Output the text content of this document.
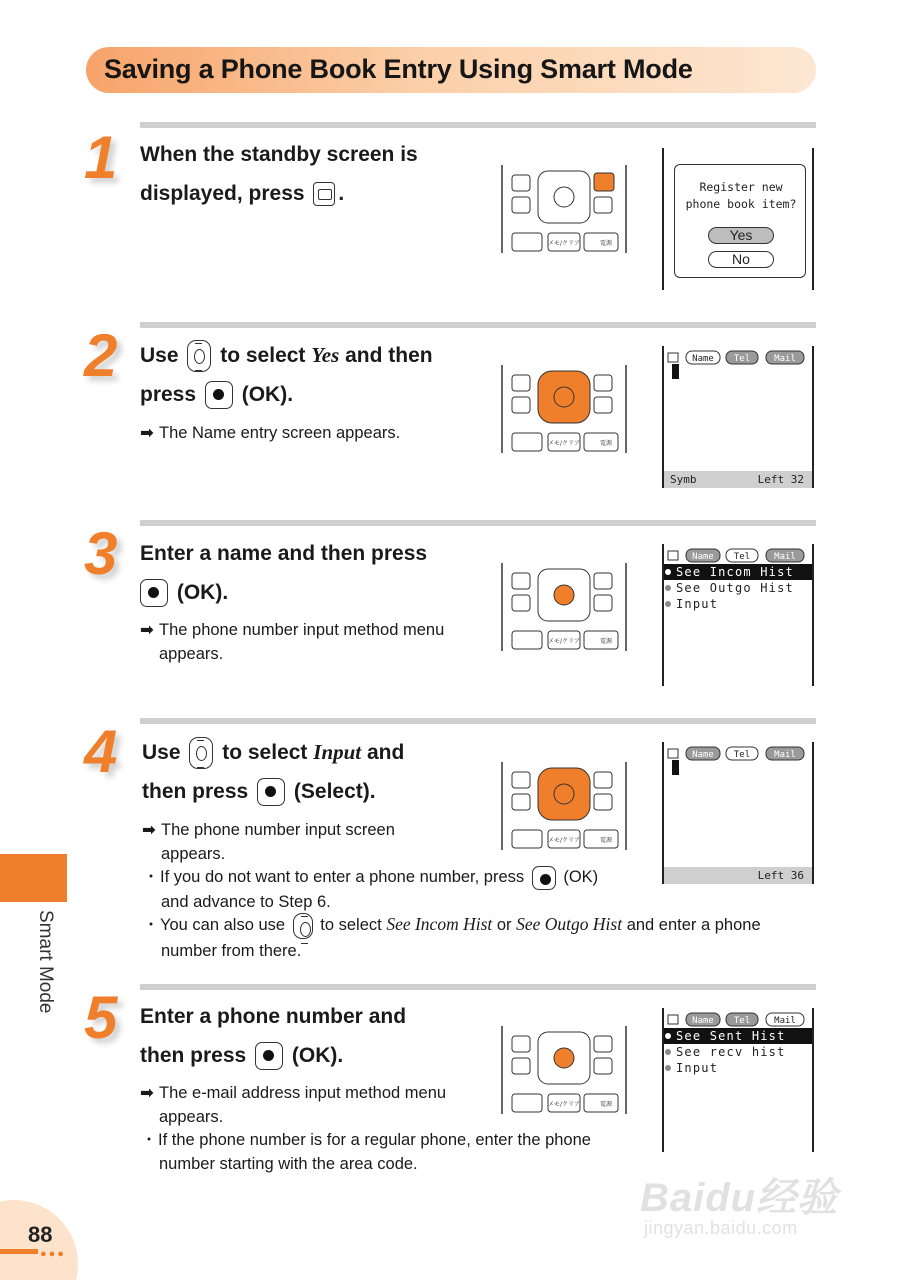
Saving a Phone Book Entry Using Smart Mode
1	When the standby screen is
displayed, press .
メモ/クリア	電源
Register new
phone book item?
Yes
No
2	Use to select Yes and then
press (OK).
➡ The Name entry screen appears.
メモ/クリア	電源
Name Tel	Mail
Symb	Left 32
3	Enter a name and then press
(OK).
➡ The phone number input method menu
appears.
メモ/クリア	電源
Name Tel	Mail
See Incom Hist
See Outgo Hist
Input
4	Use to select Input and
then press (Select).
➡ The phone number input screen
appears.
・If you do not want to enter a phone number, press (OK)
and advance to Step 6.
・You can also use to select See Incom Hist or See Outgo Hist and enter a phone
number from there.
メモ/クリア	電源
Name Tel	Mail
Left 36
5	Enter a phone number and
then press (OK).
➡ The e-mail address input method menu
appears.
・If the phone number is for a regular phone, enter the phone
number starting with the area code.
メモ/クリア	電源
Name Tel	Mail
See Sent Hist
See recv hist
Input
Smart Mode
88
●●●
Baidu经验
jingyan.baidu.com
